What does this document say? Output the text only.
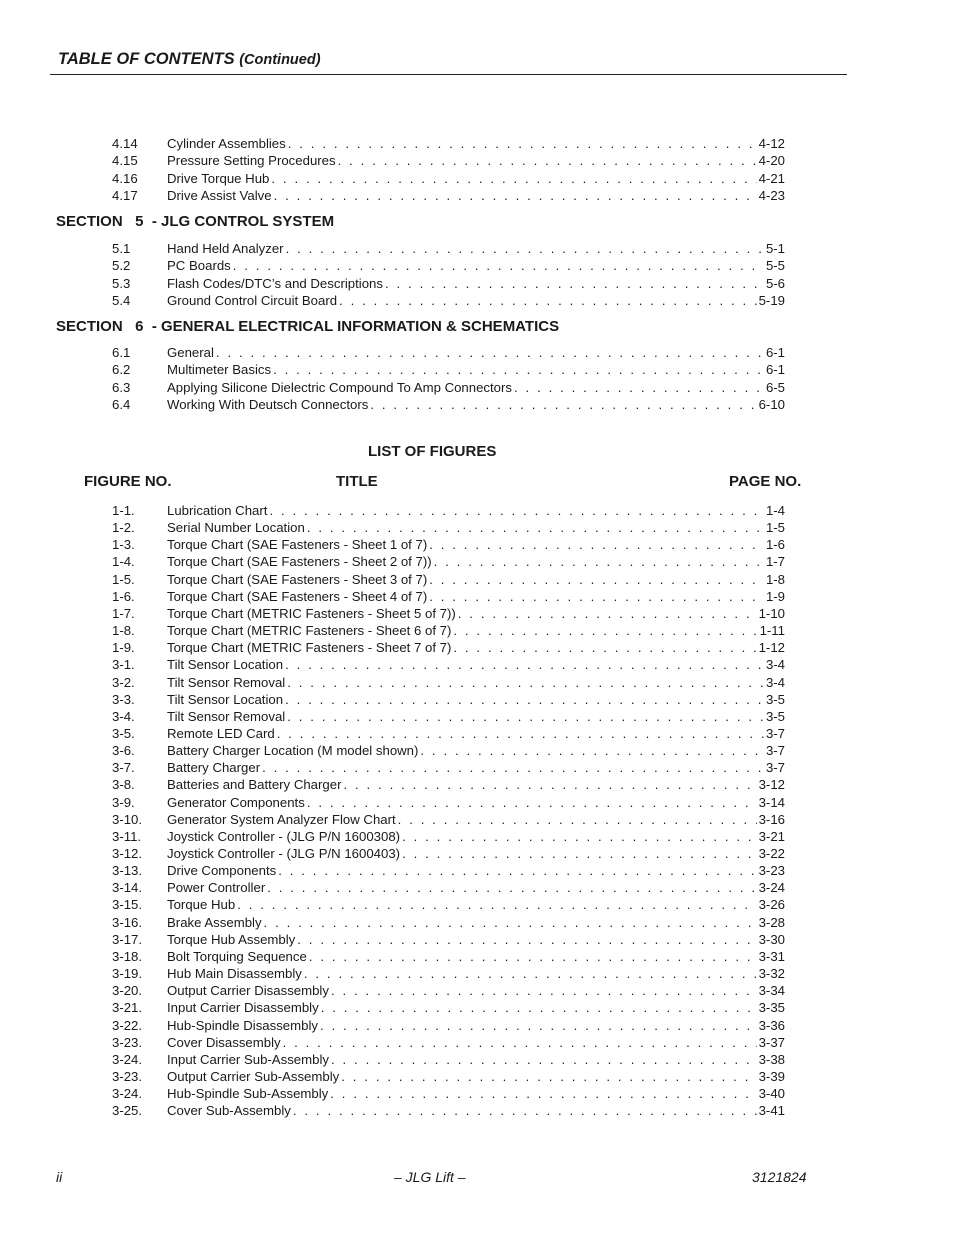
TABLE OF CONTENTS (Continued)
4.14 Cylinder Assemblies . . .	4-12
4.15 Pressure Setting Procedures . . .	4-20
4.16 Drive Torque Hub . . .	4-21
4.17 Drive Assist Valve . . .	4-23
SECTION   5  - JLG CONTROL SYSTEM
5.1	Hand Held Analyzer . . .	5-1
5.2	PC Boards . . .	5-5
5.3	Flash Codes/DTC’s and Descriptions . . .	5-6
5.4	Ground Control Circuit Board . . .	5-19
SECTION   6  - GENERAL ELECTRICAL INFORMATION & SCHEMATICS
6.1	General . . .	6-1
6.2	Multimeter Basics . . .	6-1
6.3	Applying Silicone Dielectric Compound To Amp Connectors . . .	6-5
6.4	Working With Deutsch Connectors . . .	6-10
LIST OF FIGURES
FIGURE NO.	TITLE	PAGE NO.
1-1. Lubrication Chart . . .	1-4
1-2. Serial Number Location . . .	1-5
1-3. Torque Chart (SAE Fasteners - Sheet 1 of 7) . . .	1-6
1-4. Torque Chart (SAE Fasteners - Sheet 2 of 7)) . . .	1-7
1-5. Torque Chart (SAE Fasteners - Sheet 3 of 7) . . .	1-8
1-6. Torque Chart (SAE Fasteners - Sheet 4 of 7) . . .	1-9
1-7. Torque Chart (METRIC Fasteners - Sheet 5 of 7)) . . .	1-10
1-8. Torque Chart (METRIC Fasteners - Sheet 6 of 7) . . .	1-11
1-9. Torque Chart (METRIC Fasteners - Sheet 7 of 7) . . .	1-12
3-1. Tilt Sensor Location . . .	3-4
3-2. Tilt Sensor Removal . . .	3-4
3-3. Tilt Sensor Location . . .	3-5
3-4. Tilt Sensor Removal . . .	3-5
3-5. Remote LED Card . . .	3-7
3-6. Battery Charger Location (M model shown) . . .	3-7
3-7. Battery Charger . . .	3-7
3-8. Batteries and Battery Charger . . .	3-12
3-9. Generator Components . . .	3-14
3-10. Generator System Analyzer Flow Chart . . .	3-16
3-11. Joystick Controller - (JLG P/N 1600308) . . .	3-21
3-12. Joystick Controller - (JLG P/N 1600403) . . .	3-22
3-13. Drive Components . . .	3-23
3-14. Power Controller . . .	3-24
3-15. Torque Hub . . .	3-26
3-16. Brake Assembly . . .	3-28
3-17. Torque Hub Assembly . . .	3-30
3-18. Bolt Torquing Sequence . . .	3-31
3-19. Hub Main Disassembly . . .	3-32
3-20. Output Carrier Disassembly . . .	3-34
3-21. Input Carrier Disassembly . . .	3-35
3-22. Hub-Spindle Disassembly . . .	3-36
3-23. Cover Disassembly . . .	3-37
3-24. Input Carrier Sub-Assembly . . .	3-38
3-23. Output Carrier Sub-Assembly . . .	3-39
3-24. Hub-Spindle Sub-Assembly . . .	3-40
3-25. Cover Sub-Assembly . . .	3-41
ii	– JLG Lift –	3121824
